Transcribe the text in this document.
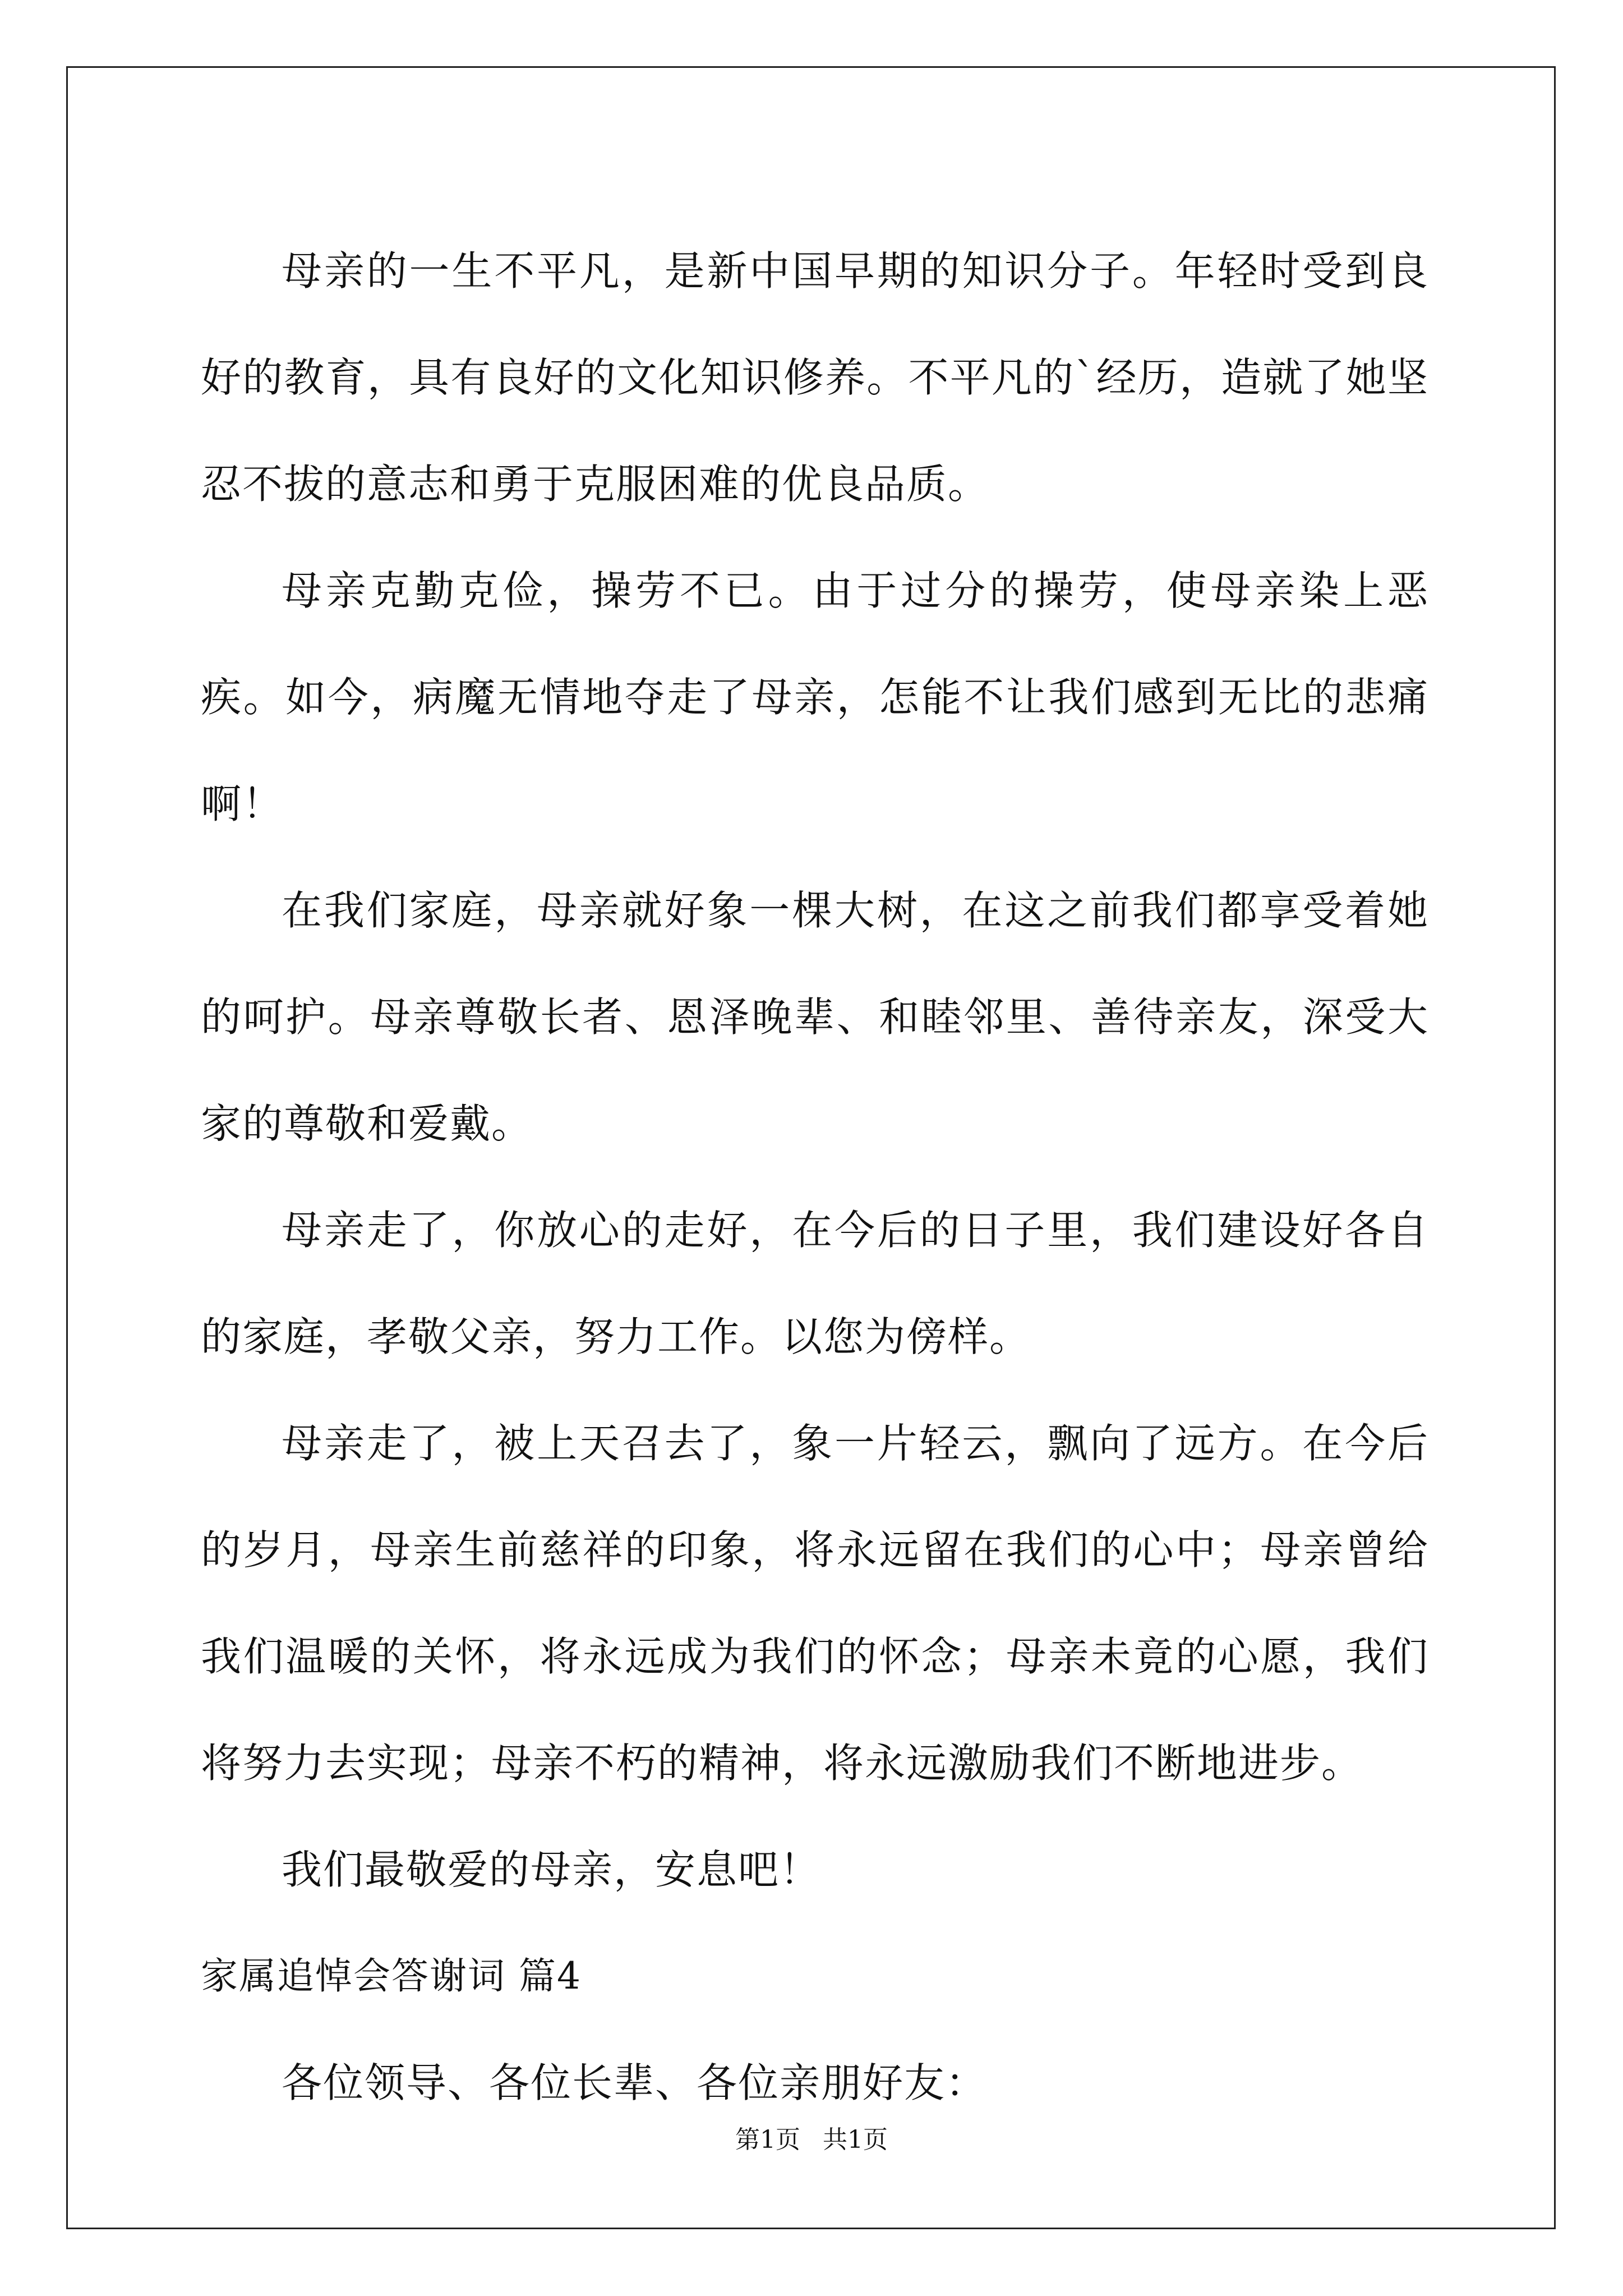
母亲的一生不平凡，是新中国早期的知识分子。年轻时受到良好的教育，具有良好的文化知识修养。不平凡的`经历，造就了她坚忍不拔的意志和勇于克服困难的优良品质。

母亲克勤克俭，操劳不已。由于过分的操劳，使母亲染上恶疾。如今，病魔无情地夺走了母亲，怎能不让我们感到无比的悲痛啊！

在我们家庭，母亲就好象一棵大树，在这之前我们都享受着她的呵护。母亲尊敬长者、恩泽晚辈、和睦邻里、善待亲友，深受大家的尊敬和爱戴。

母亲走了，你放心的走好，在今后的日子里，我们建设好各自的家庭，孝敬父亲，努力工作。以您为傍样。

母亲走了，被上天召去了，象一片轻云，飘向了远方。在今后的岁月，母亲生前慈祥的印象，将永远留在我们的心中；母亲曾给我们温暖的关怀，将永远成为我们的怀念；母亲未竟的心愿，我们将努力去实现；母亲不朽的精神，将永远激励我们不断地进步。

我们最敬爱的母亲，安息吧！

家属追悼会答谢词 篇4

各位领导、各位长辈、各位亲朋好友：

第1页 共1页
